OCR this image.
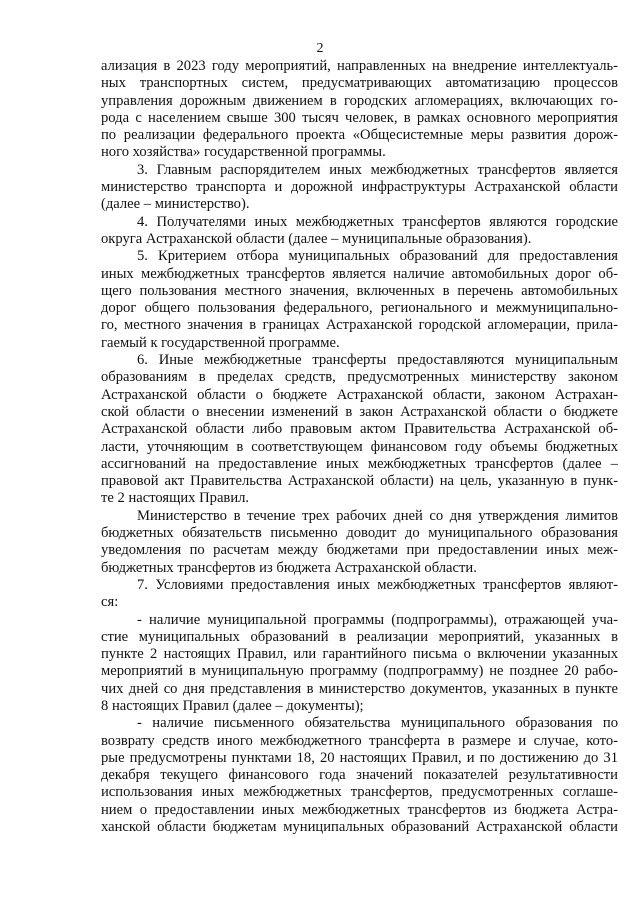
2
ализация в 2023 году мероприятий, направленных на внедрение интеллектуаль-
ных транспортных систем, предусматривающих автоматизацию процессов
управления дорожным движением в городских агломерациях, включающих го-
рода с населением свыше 300 тысяч человек, в рамках основного мероприятия
по реализации федерального проекта «Общесистемные меры развития дорож-
ного хозяйства» государственной программы.
3. Главным распорядителем иных межбюджетных трансфертов является
министерство транспорта и дорожной инфраструктуры Астраханской области
(далее – министерство).
4. Получателями иных межбюджетных трансфертов являются городские
округа Астраханской области (далее – муниципальные образования).
5. Критерием отбора муниципальных образований для предоставления
иных межбюджетных трансфертов является наличие автомобильных дорог об-
щего пользования местного значения, включенных в перечень автомобильных
дорог общего пользования федерального, регионального и межмуниципально-
го, местного значения в границах Астраханской городской агломерации, прила-
гаемый к государственной программе.
6. Иные межбюджетные трансферты предоставляются муниципальным
образованиям в пределах средств, предусмотренных министерству законом
Астраханской области о бюджете Астраханской области, законом Астрахан-
ской области о внесении изменений в закон Астраханской области о бюджете
Астраханской области либо правовым актом Правительства Астраханской об-
ласти, уточняющим в соответствующем финансовом году объемы бюджетных
ассигнований на предоставление иных межбюджетных трансфертов (далее –
правовой акт Правительства Астраханской области) на цель, указанную в пунк-
те 2 настоящих Правил.
Министерство в течение трех рабочих дней со дня утверждения лимитов
бюджетных обязательств письменно доводит до муниципального образования
уведомления по расчетам между бюджетами при предоставлении иных меж-
бюджетных трансфертов из бюджета Астраханской области.
7. Условиями предоставления иных межбюджетных трансфертов являют-
ся:
- наличие муниципальной программы (подпрограммы), отражающей уча-
стие муниципальных образований в реализации мероприятий, указанных в
пункте 2 настоящих Правил, или гарантийного письма о включении указанных
мероприятий в муниципальную программу (подпрограмму) не позднее 20 рабо-
чих дней со дня представления в министерство документов, указанных в пункте
8 настоящих Правил (далее – документы);
- наличие письменного обязательства муниципального образования по
возврату средств иного межбюджетного трансферта в размере и случае, кото-
рые предусмотрены пунктами 18, 20 настоящих Правил, и по достижению до 31
декабря текущего финансового года значений показателей результативности
использования иных межбюджетных трансфертов, предусмотренных соглаше-
нием о предоставлении иных межбюджетных трансфертов из бюджета Астра-
ханской области бюджетам муниципальных образований Астраханской области
